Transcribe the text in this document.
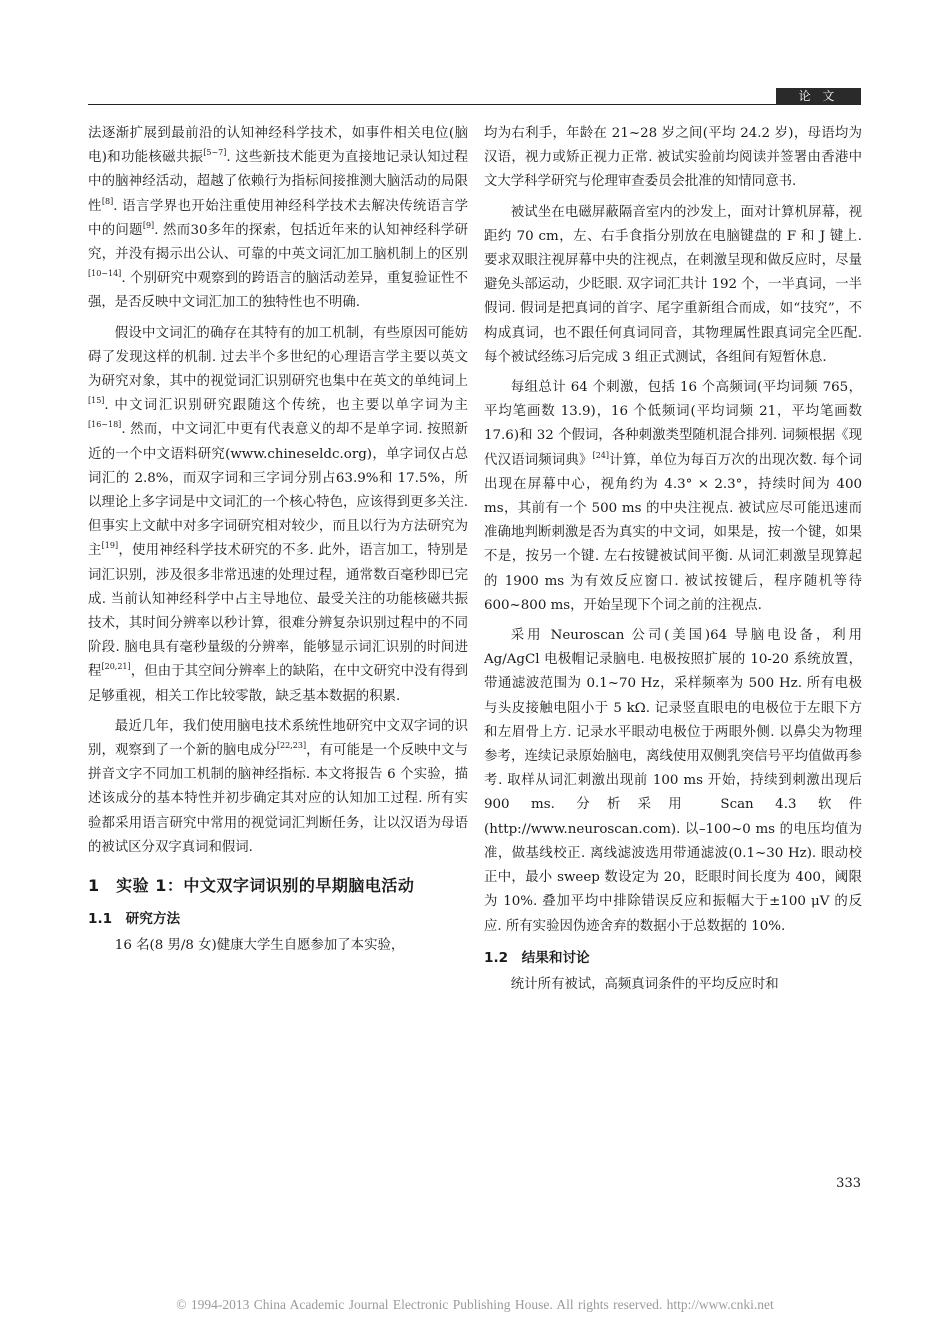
论 文

法逐渐扩展到最前沿的认知神经科学技术，如事件相关电位(脑电)和功能核磁共振[5~7]. 这些新技术能更为直接地记录认知过程中的脑神经活动，超越了依赖行为指标间接推测大脑活动的局限性[8]. 语言学界也开始注重使用神经科学技术去解决传统语言学中的问题[9]. 然而30多年的探索，包括近年来的认知神经科学研究，并没有揭示出公认、可靠的中英文词汇加工脑机制上的区别[10~14]. 个别研究中观察到的跨语言的脑活动差异，重复验证性不强，是否反映中文词汇加工的独特性也不明确.

假设中文词汇的确存在其特有的加工机制，有些原因可能妨碍了发现这样的机制. 过去半个多世纪的心理语言学主要以英文为研究对象，其中的视觉词汇识别研究也集中在英文的单纯词上[15]. 中文词汇识别研究跟随这个传统，也主要以单字词为主[16~18]. 然而，中文词汇中更有代表意义的却不是单字词. 按照新近的一个中文语料研究(www.chineseldc.org)，单字词仅占总词汇的 2.8%，而双字词和三字词分别占63.9%和 17.5%，所以理论上多字词是中文词汇的一个核心特色，应该得到更多关注. 但事实上文献中对多字词研究相对较少，而且以行为方法研究为主[19]，使用神经科学技术研究的不多. 此外，语言加工，特别是词汇识别，涉及很多非常迅速的处理过程，通常数百毫秒即已完成. 当前认知神经科学中占主导地位、最受关注的功能核磁共振技术，其时间分辨率以秒计算，很难分辨复杂识别过程中的不同阶段. 脑电具有毫秒量级的分辨率，能够显示词汇识别的时间进程[20,21]，但由于其空间分辨率上的缺陷，在中文研究中没有得到足够重视，相关工作比较零散，缺乏基本数据的积累.

最近几年，我们使用脑电技术系统性地研究中文双字词的识别，观察到了一个新的脑电成分[22,23]，有可能是一个反映中文与拼音文字不同加工机制的脑神经指标. 本文将报告 6 个实验，描述该成分的基本特性并初步确定其对应的认知加工过程. 所有实验都采用语言研究中常用的视觉词汇判断任务，让以汉语为母语的被试区分双字真词和假词.

1　实验 1：中文双字词识别的早期脑电活动
1.1　研究方法

16 名(8 男/8 女)健康大学生自愿参加了本实验，

均为右利手，年龄在 21~28 岁之间(平均 24.2 岁)，母语均为汉语，视力或矫正视力正常. 被试实验前均阅读并签署由香港中文大学科学研究与伦理审查委员会批准的知情同意书.

被试坐在电磁屏蔽隔音室内的沙发上，面对计算机屏幕，视距约 70 cm，左、右手食指分别放在电脑键盘的 F 和 J 键上. 要求双眼注视屏幕中央的注视点，在刺激呈现和做反应时，尽量避免头部运动，少眨眼. 双字词汇共计 192 个，一半真词，一半假词. 假词是把真词的首字、尾字重新组合而成，如“技究”，不构成真词，也不跟任何真词同音，其物理属性跟真词完全匹配. 每个被试经练习后完成 3 组正式测试，各组间有短暂休息.

每组总计 64 个刺激，包括 16 个高频词(平均词频 765，平均笔画数 13.9)，16 个低频词(平均词频 21，平均笔画数 17.6)和 32 个假词，各种刺激类型随机混合排列. 词频根据《现代汉语词频词典》[24]计算，单位为每百万次的出现次数. 每个词出现在屏幕中心，视角约为 4.3° × 2.3°，持续时间为 400 ms，其前有一个 500 ms 的中央注视点. 被试应尽可能迅速而准确地判断刺激是否为真实的中文词，如果是，按一个键，如果不是，按另一个键. 左右按键被试间平衡. 从词汇刺激呈现算起的 1900 ms 为有效反应窗口. 被试按键后，程序随机等待 600~800 ms，开始呈现下个词之前的注视点.

采用 Neuroscan 公司(美国)64 导脑电设备，利用 Ag/AgCl 电极帽记录脑电. 电极按照扩展的 10-20 系统放置，带通滤波范围为 0.1~70 Hz，采样频率为 500 Hz. 所有电极与头皮接触电阻小于 5 kΩ. 记录竖直眼电的电极位于左眼下方和左眉骨上方. 记录水平眼动电极位于两眼外侧. 以鼻尖为物理参考，连续记录原始脑电，离线使用双侧乳突信号平均值做再参考. 取样从词汇刺激出现前 100 ms 开始，持续到刺激出现后 900 ms. 分析采用 Scan 4.3 软件(http://www.neuroscan.com). 以–100~0 ms 的电压均值为准，做基线校正. 离线滤波选用带通滤波(0.1~30 Hz). 眼动校正中，最小 sweep 数设定为 20，眨眼时间长度为 400，阈限为 10%. 叠加平均中排除错误反应和振幅大于±100 μV 的反应. 所有实验因伪迹舍弃的数据小于总数据的 10%.

1.2　结果和讨论

统计所有被试，高频真词条件的平均反应时和

333
© 1994-2013 China Academic Journal Electronic Publishing House. All rights reserved. http://www.cnki.net
